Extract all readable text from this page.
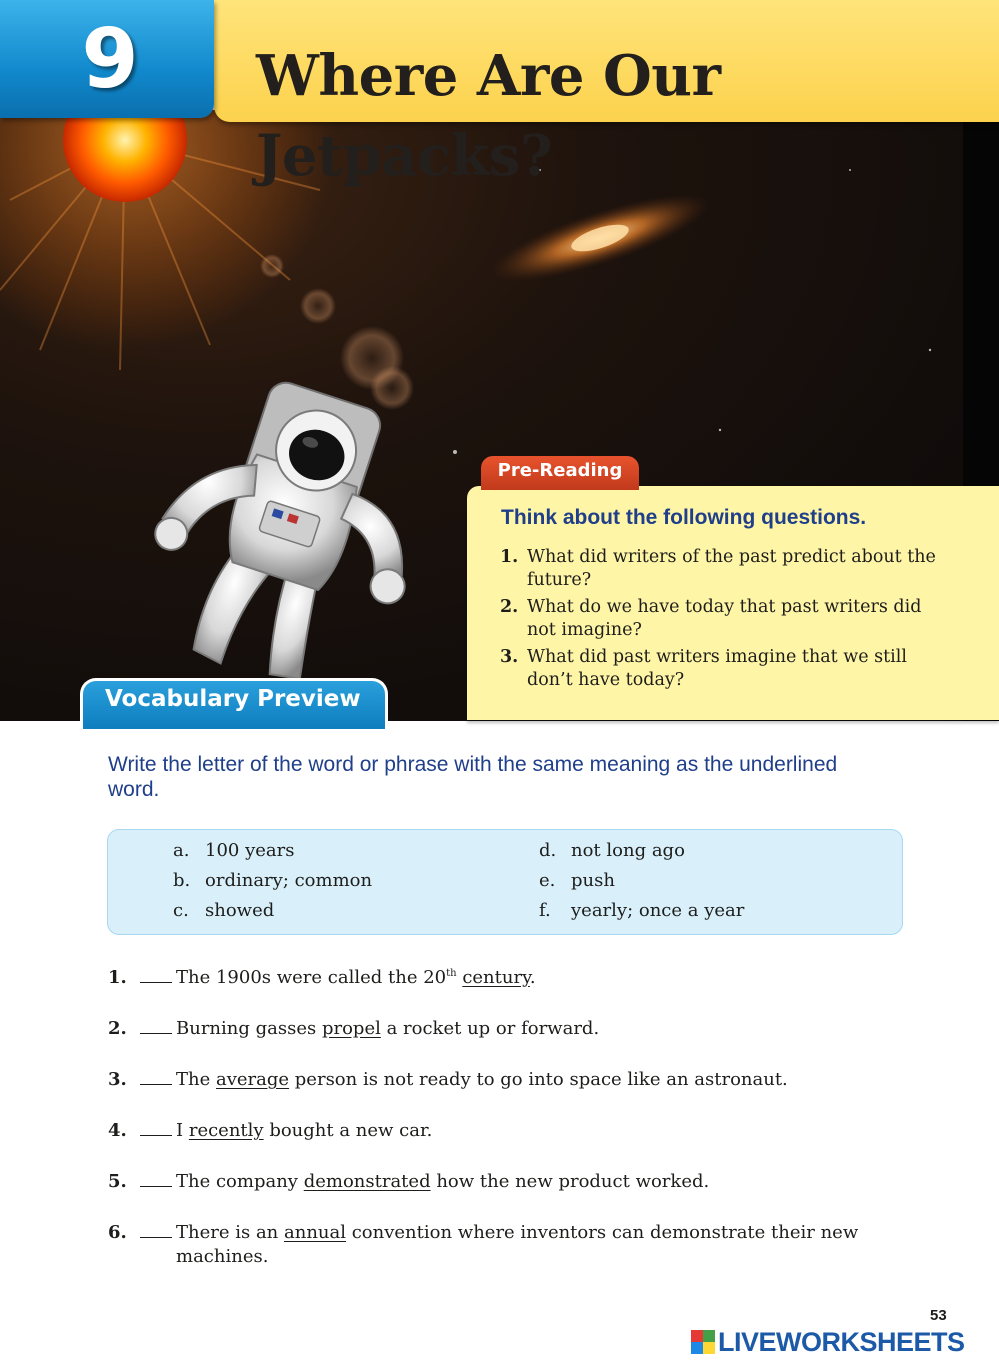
9 Where Are Our Jetpacks?
Pre-Reading
Think about the following questions.
1. What did writers of the past predict about the future?
2. What do we have today that past writers did not imagine?
3. What did past writers imagine that we still don’t have today?
Vocabulary Preview

Write the letter of the word or phrase with the same meaning as the underlined word.

a. 100 years
b. ordinary; common
c. showed
d. not long ago
e. push
f.	yearly; once a year
1.	The 1900s were called the 20th century.
2.	Burning gasses propel a rocket up or forward.
3.	The average person is not ready to go into space like an astronaut.
4.	I recently bought a new car.
5.	The company demonstrated how the new product worked.
6.	There is an annual convention where inventors can demonstrate their new machines.
53
LIVEWORKSHEETS
